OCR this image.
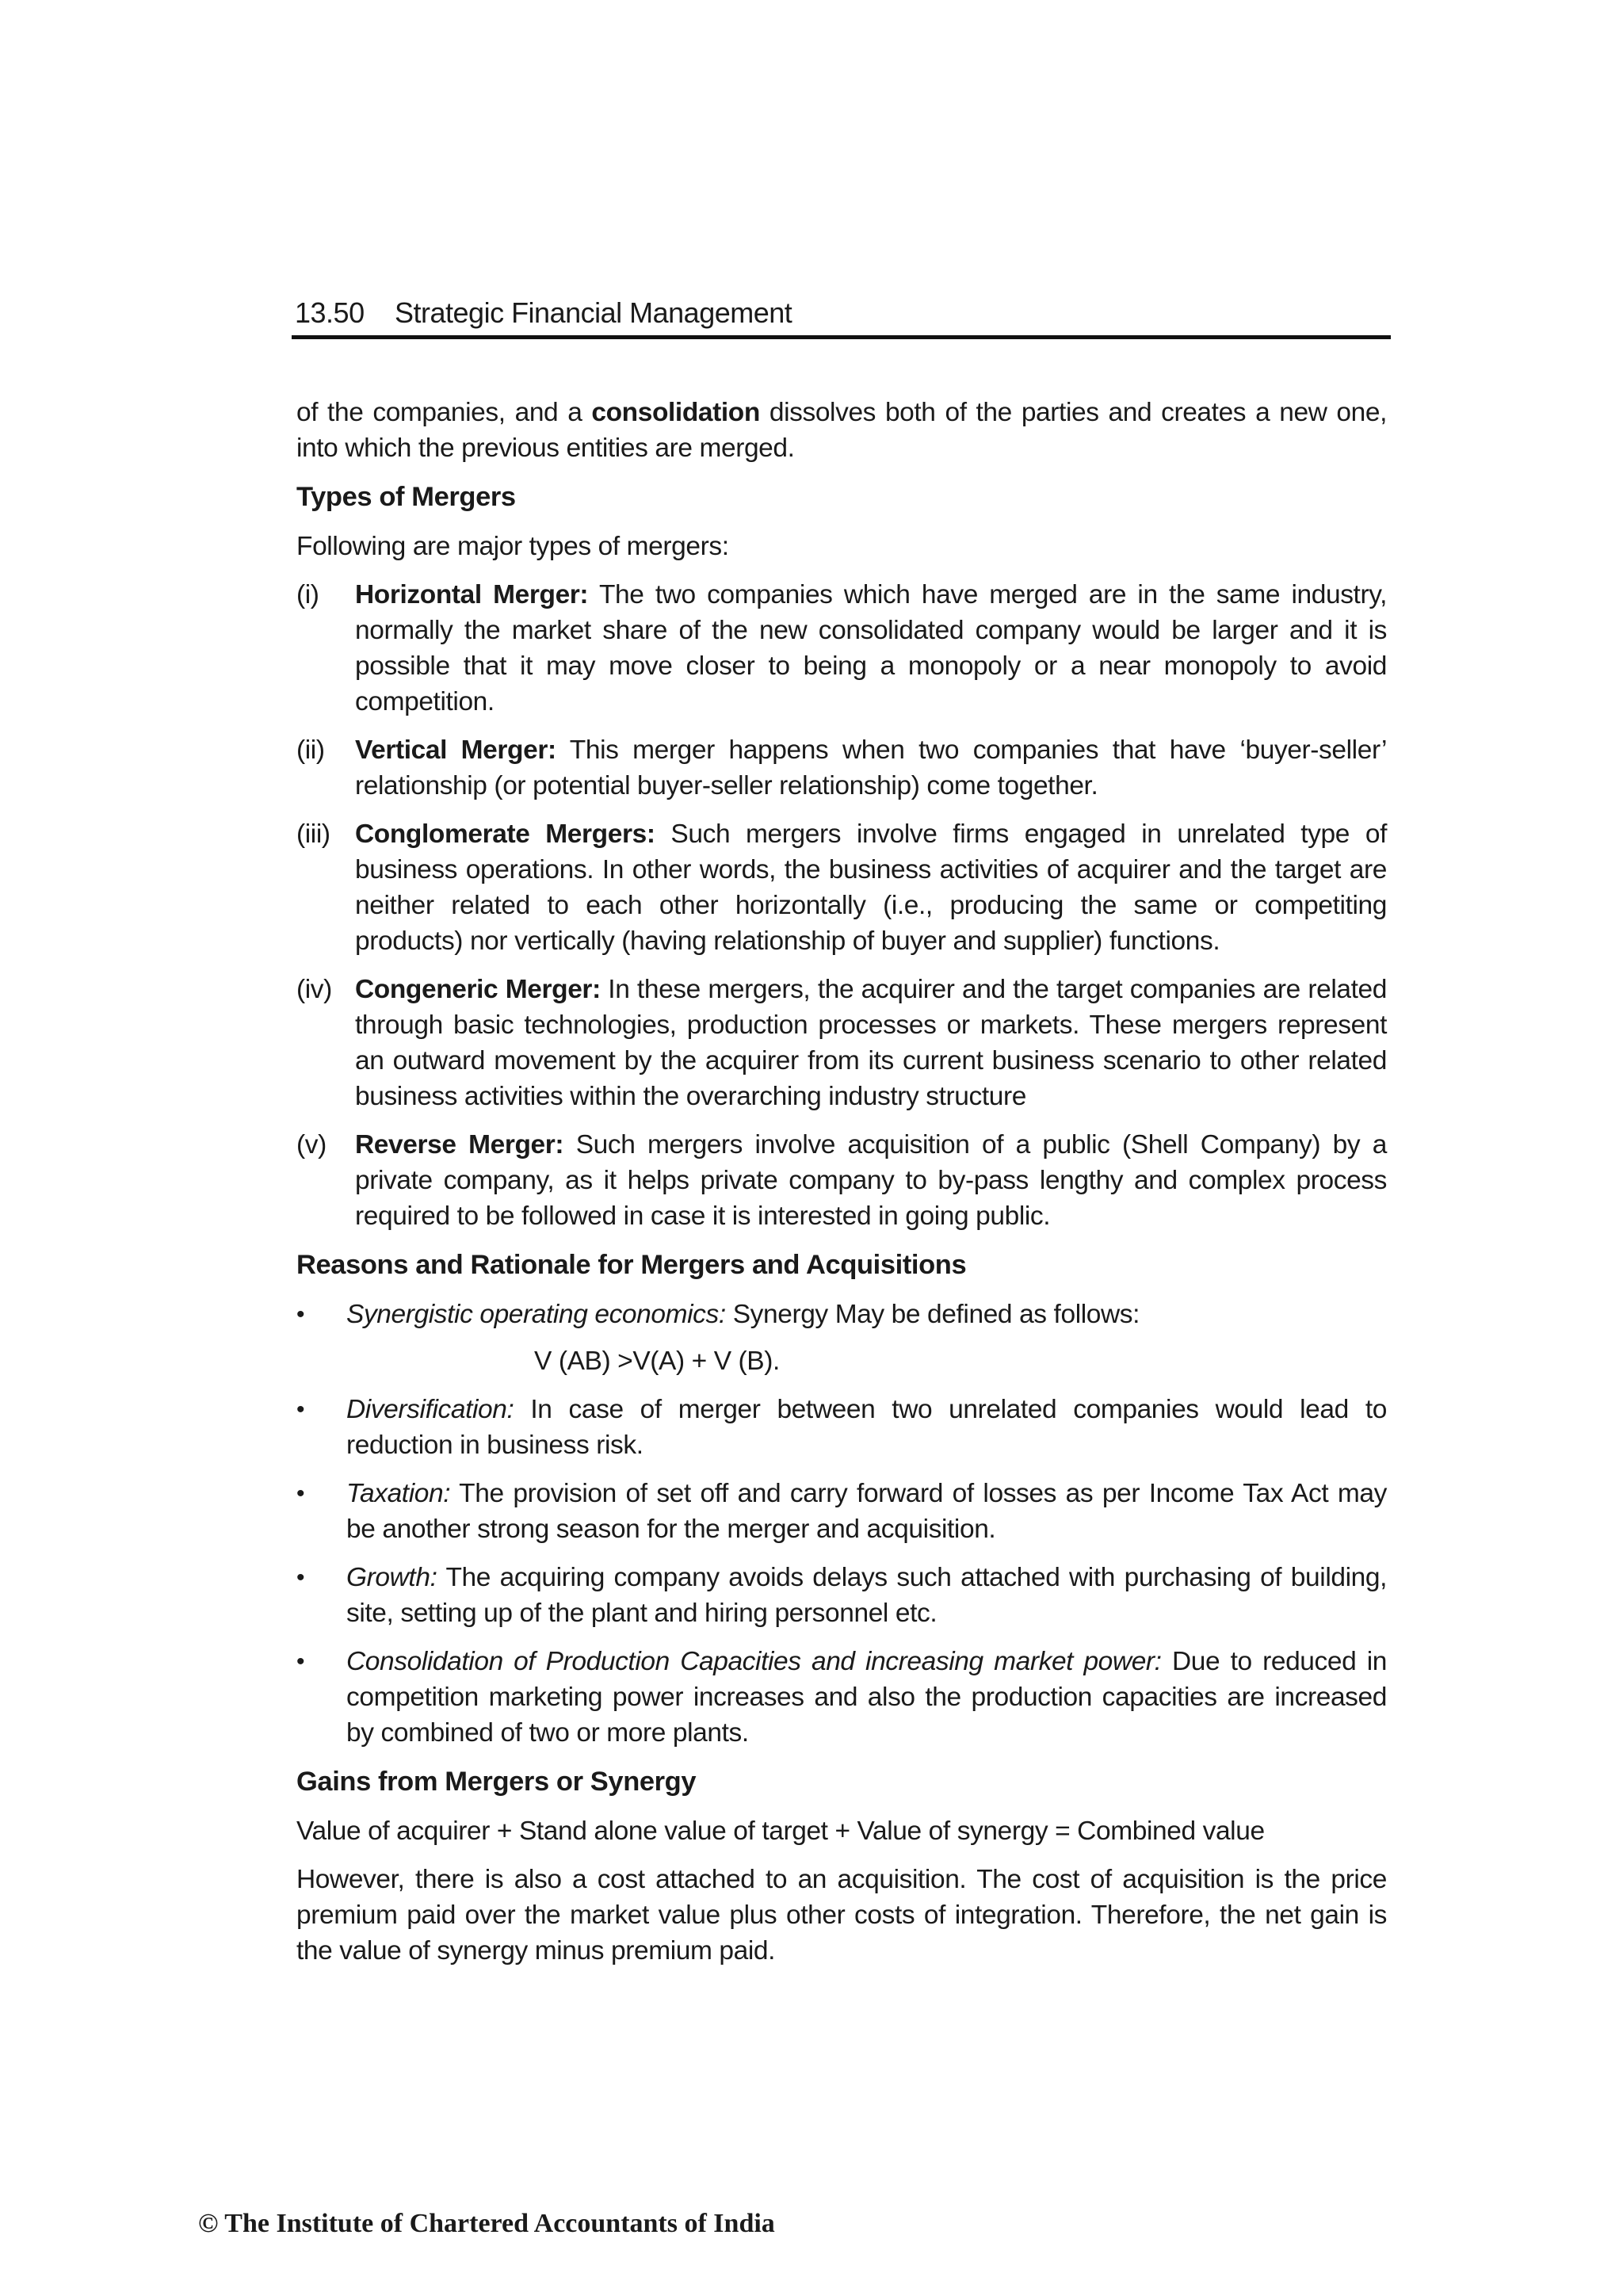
13.50 Strategic Financial Management

of the companies, and a consolidation dissolves both of the parties and creates a new one, into which the previous entities are merged.

Types of Mergers

Following are major types of mergers:

(i)	Horizontal Merger: The two companies which have merged are in the same industry, normally the market share of the new consolidated company would be larger and it is possible that it may move closer to being a monopoly or a near monopoly to avoid competition.
(ii)	Vertical Merger: This merger happens when two companies that have ‘buyer-seller’ relationship (or potential buyer-seller relationship) come together.
(iii) Conglomerate Mergers: Such mergers involve firms engaged in unrelated type of business operations. In other words, the business activities of acquirer and the target are neither related to each other horizontally (i.e., producing the same or competiting products) nor vertically (having relationship of buyer and supplier) functions.
(iv) Congeneric Merger: In these mergers, the acquirer and the target companies are related through basic technologies, production processes or markets. These mergers represent an outward movement by the acquirer from its current business scenario to other related business activities within the overarching industry structure
(v)	Reverse Merger: Such mergers involve acquisition of a public (Shell Company) by a private company, as it helps private company to by-pass lengthy and complex process required to be followed in case it is interested in going public.
Reasons and Rationale for Mergers and Acquisitions
•	Synergistic operating economics: Synergy May be defined as follows:
V (AB) >V(A) + V (B).
•	Diversification: In case of merger between two unrelated companies would lead to reduction in business risk.
•	Taxation: The provision of set off and carry forward of losses as per Income Tax Act may be another strong season for the merger and acquisition.
•	Growth: The acquiring company avoids delays such attached with purchasing of building, site, setting up of the plant and hiring personnel etc.
•	Consolidation of Production Capacities and increasing market power: Due to reduced in competition marketing power increases and also the production capacities are increased by combined of two or more plants.
Gains from Mergers or Synergy

Value of acquirer + Stand alone value of target + Value of synergy = Combined value

However, there is also a cost attached to an acquisition. The cost of acquisition is the price premium paid over the market value plus other costs of integration. Therefore, the net gain is the value of synergy minus premium paid.

© The Institute of Chartered Accountants of India
